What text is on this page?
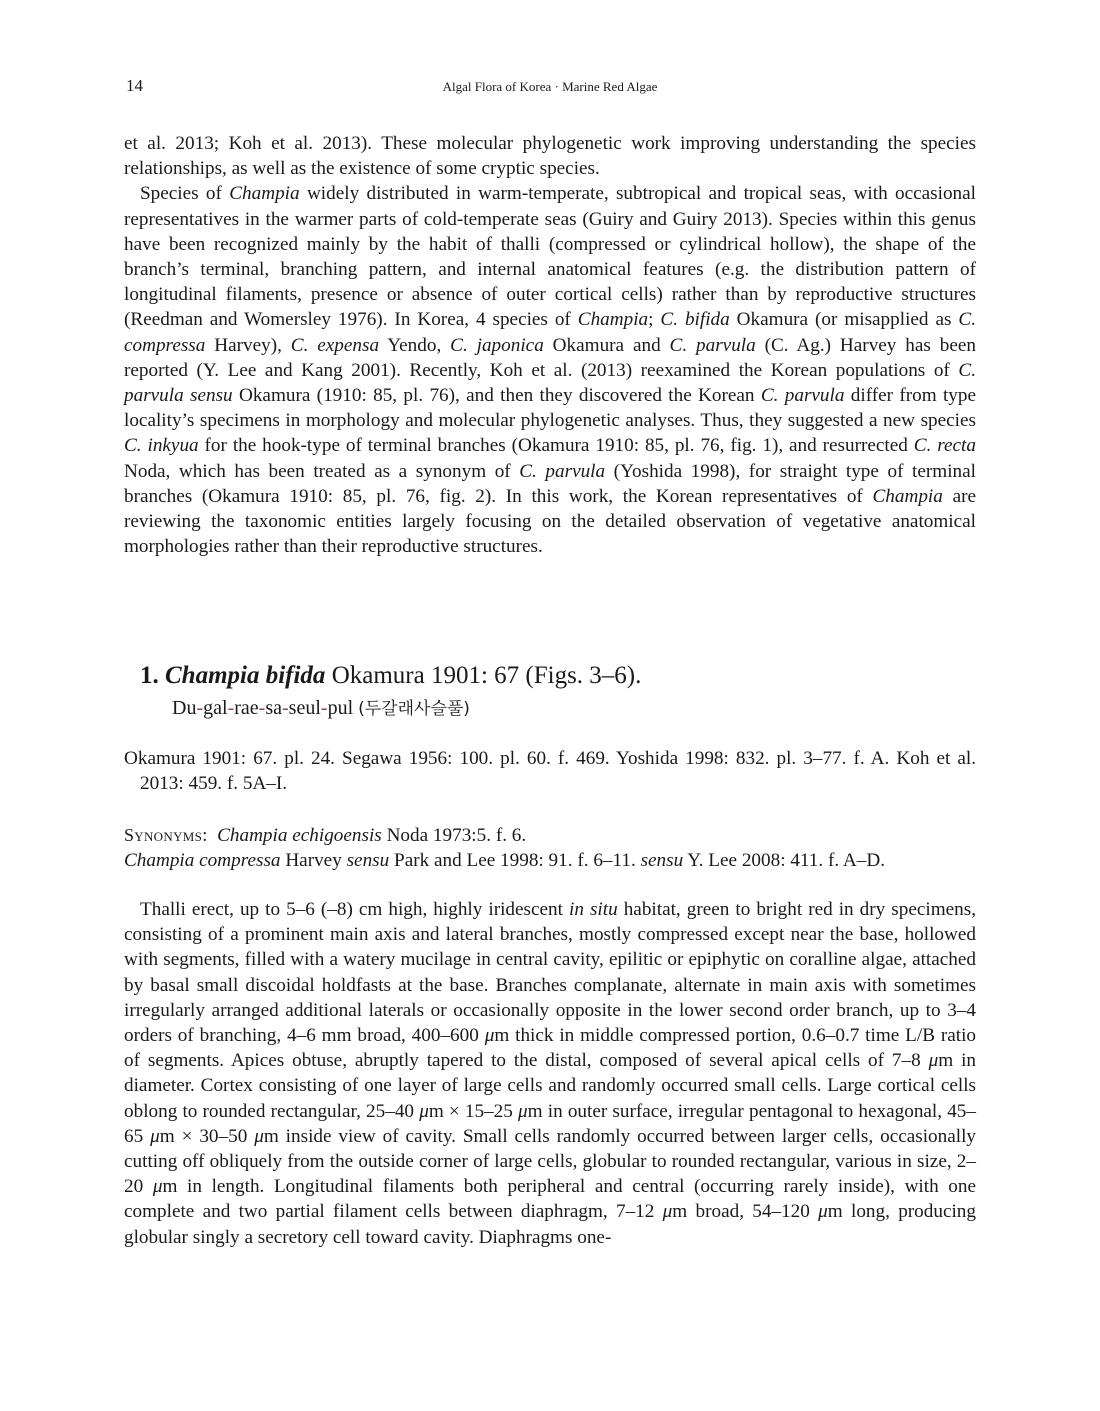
14	Algal Flora of Korea · Marine Red Algae

et al. 2013; Koh et al. 2013). These molecular phylogenetic work improving understanding the species relationships, as well as the existence of some cryptic species.

Species of Champia widely distributed in warm-temperate, subtropical and tropical seas, with occasional representatives in the warmer parts of cold-temperate seas (Guiry and Guiry 2013). Species within this genus have been recognized mainly by the habit of thalli (compressed or cylindrical hollow), the shape of the branch’s terminal, branching pattern, and internal anatomical features (e.g. the distribution pattern of longitudinal filaments, presence or absence of outer cortical cells) rather than by reproductive structures (Reedman and Womersley 1976). In Korea, 4 species of Champia; C. bifida Okamura (or misapplied as C. compressa Harvey), C. expensa Yendo, C. japonica Okamura and C. parvula (C. Ag.) Harvey has been reported (Y. Lee and Kang 2001). Recently, Koh et al. (2013) reexamined the Korean populations of C. parvula sensu Okamura (1910: 85, pl. 76), and then they discovered the Korean C. parvula differ from type locality’s specimens in morphology and molecular phylogenetic analyses. Thus, they suggested a new species C. inkyua for the hook-type of terminal branches (Okamura 1910: 85, pl. 76, fig. 1), and resurrected C. recta Noda, which has been treated as a synonym of C. parvula (Yoshida 1998), for straight type of terminal branches (Okamura 1910: 85, pl. 76, fig. 2). In this work, the Korean representatives of Champia are reviewing the taxonomic entities largely focusing on the detailed observation of vegetative anatomical morphologies rather than their reproductive structures.

1. Champia bifida Okamura 1901: 67 (Figs. 3–6).
Du-gal-rae-sa-seul-pul (두갈래사슬풀)

Okamura 1901: 67. pl. 24. Segawa 1956: 100. pl. 60. f. 469. Yoshida 1998: 832. pl. 3–77. f. A. Koh et al. 2013: 459. f. 5A–I.

Synonyms:  Champia echigoensis Noda 1973:5. f. 6.

Champia compressa Harvey sensu Park and Lee 1998: 91. f. 6–11. sensu Y. Lee 2008: 411. f. A–D.

Thalli erect, up to 5–6 (–8) cm high, highly iridescent in situ habitat, green to bright red in dry specimens, consisting of a prominent main axis and lateral branches, mostly compressed except near the base, hollowed with segments, filled with a watery mucilage in central cavity, epilitic or epiphytic on coralline algae, attached by basal small discoidal holdfasts at the base. Branches complanate, alternate in main axis with sometimes irregularly arranged additional laterals or occasionally opposite in the lower second order branch, up to 3–4 orders of branching, 4–6 mm broad, 400–600 μm thick in middle compressed portion, 0.6–0.7 time L/B ratio of segments. Apices obtuse, abruptly tapered to the distal, composed of several apical cells of 7–8 μm in diameter. Cortex consisting of one layer of large cells and randomly occurred small cells. Large cortical cells oblong to rounded rectangular, 25–40 μm × 15–25 μm in outer surface, irregular pentagonal to hexagonal, 45–65 μm × 30–50 μm inside view of cavity. Small cells randomly occurred between larger cells, occasionally cutting off obliquely from the outside corner of large cells, globular to rounded rectangular, various in size, 2–20 μm in length. Longitudinal filaments both peripheral and central (occurring rarely inside), with one complete and two partial filament cells between diaphragm, 7–12 μm broad, 54–120 μm long, producing globular singly a secretory cell toward cavity. Diaphragms one-
